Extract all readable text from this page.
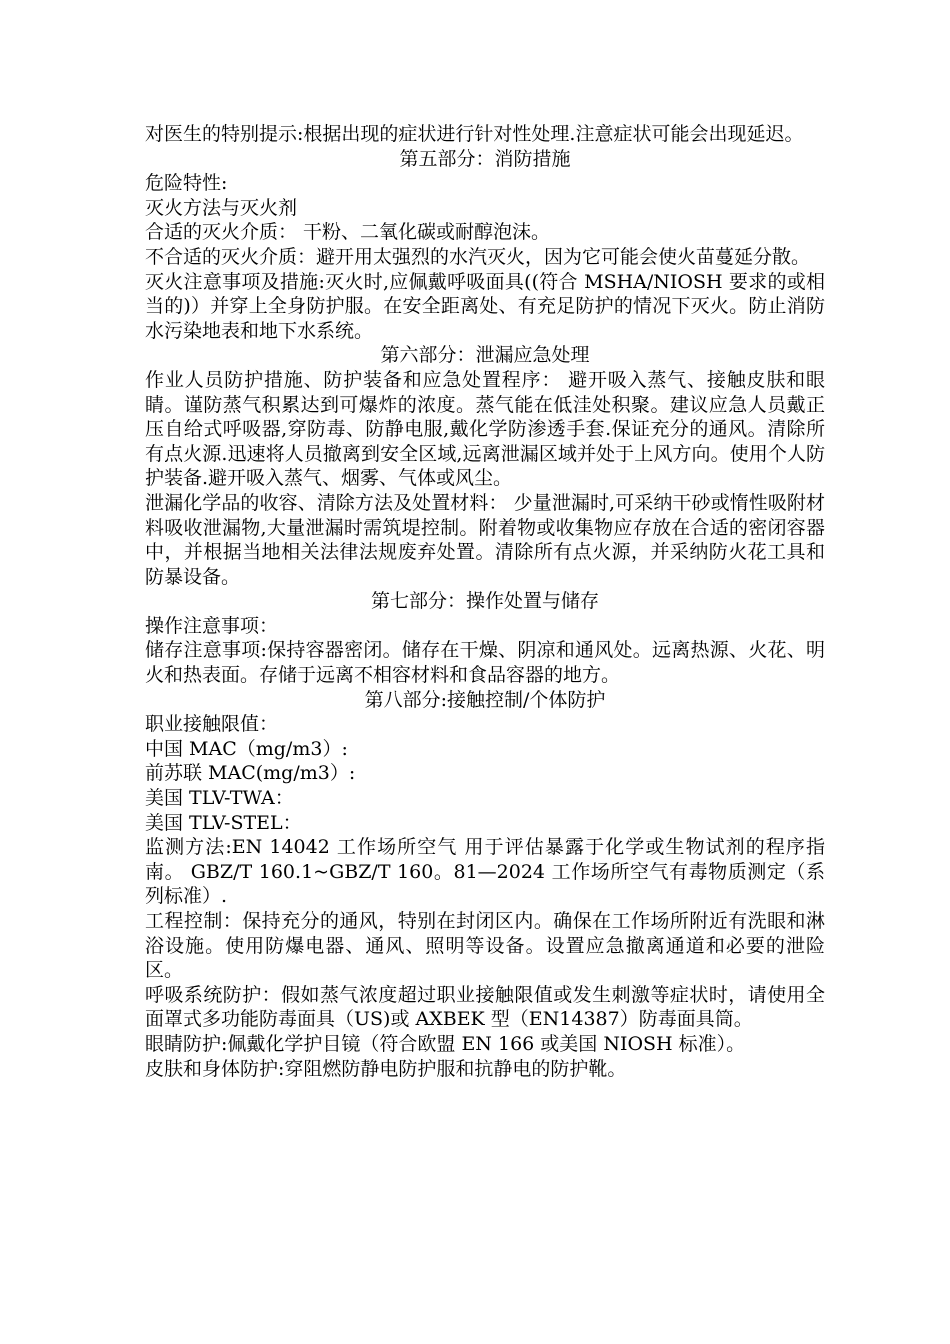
对医生的特别提示:根据出现的症状进行针对性处理.注意症状可能会出现延迟。

第五部分：消防措施

危险特性:

灭火方法与灭火剂

合适的灭火介质： 干粉、二氧化碳或耐醇泡沫。

不合适的灭火介质：避开用太强烈的水汽灭火，因为它可能会使火苗蔓延分散。

灭火注意事项及措施:灭火时,应佩戴呼吸面具((符合 MSHA/NIOSH 要求的或相当的)）并穿上全身防护服。在安全距离处、有充足防护的情况下灭火。防止消防水污染地表和地下水系统。

第六部分：泄漏应急处理

作业人员防护措施、防护装备和应急处置程序： 避开吸入蒸气、接触皮肤和眼睛。谨防蒸气积累达到可爆炸的浓度。蒸气能在低洼处积聚。建议应急人员戴正压自给式呼吸器,穿防毒、防静电服,戴化学防渗透手套.保证充分的通风。清除所有点火源.迅速将人员撤离到安全区域,远离泄漏区域并处于上风方向。使用个人防护装备.避开吸入蒸气、烟雾、气体或风尘。

泄漏化学品的收容、清除方法及处置材料： 少量泄漏时,可采纳干砂或惰性吸附材料吸收泄漏物,大量泄漏时需筑堤控制。附着物或收集物应存放在合适的密闭容器中，并根据当地相关法律法规废弃处置。清除所有点火源，并采纳防火花工具和防暴设备。

第七部分：操作处置与储存

操作注意事项：

储存注意事项:保持容器密闭。储存在干燥、阴凉和通风处。远离热源、火花、明火和热表面。存储于远离不相容材料和食品容器的地方。

第八部分:接触控制/个体防护

职业接触限值：

中国 MAC（mg/m3）:

前苏联 MAC(mg/m3）:

美国 TLV-TWA：

美国 TLV-STEL：

监测方法:EN 14042 工作场所空气 用于评估暴露于化学或生物试剂的程序指南。 GBZ/T 160.1~GBZ/T 160。81—2024 工作场所空气有毒物质测定（系列标准）.

工程控制：保持充分的通风，特别在封闭区内。确保在工作场所附近有洗眼和淋浴设施。使用防爆电器、通风、照明等设备。设置应急撤离通道和必要的泄险区。

呼吸系统防护：假如蒸气浓度超过职业接触限值或发生刺激等症状时，请使用全面罩式多功能防毒面具（US)或 AXBEK 型（EN14387）防毒面具筒。

眼睛防护:佩戴化学护目镜（符合欧盟 EN 166 或美国 NIOSH 标准）。

皮肤和身体防护:穿阻燃防静电防护服和抗静电的防护靴。
